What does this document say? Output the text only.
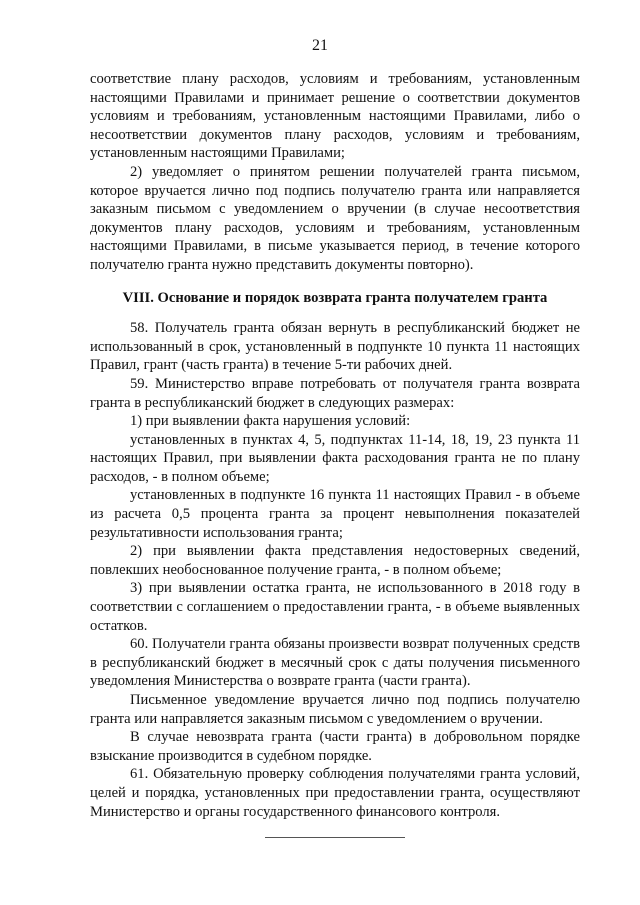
21

соответствие плану расходов, условиям и требованиям, установленным настоящими Правилами и принимает решение о соответствии документов условиям и требованиям, установленным настоящими Правилами, либо о несоответствии документов плану расходов, условиям и требованиям, установленным настоящими Правилами;

2) уведомляет о принятом решении получателей гранта письмом, которое вручается лично под подпись получателю гранта или направляется заказным письмом с уведомлением о вручении (в случае несоответствия документов плану расходов, условиям и требованиям, установленным настоящими Правилами, в письме указывается период, в течение которого получателю гранта нужно представить документы повторно).

VIII. Основание и порядок возврата гранта получателем гранта

58. Получатель гранта обязан вернуть в республиканский бюджет не использованный в срок, установленный в подпункте 10 пункта 11 настоящих Правил, грант (часть гранта) в течение 5-ти рабочих дней.

59. Министерство вправе потребовать от получателя гранта возврата гранта в республиканский бюджет в следующих размерах:

1) при выявлении факта нарушения условий:

установленных в пунктах 4, 5, подпунктах 11-14, 18, 19, 23 пункта 11 настоящих Правил, при выявлении факта расходования гранта не по плану расходов, - в полном объеме;

установленных в подпункте 16 пункта 11 настоящих Правил - в объеме из расчета 0,5 процента гранта за процент невыполнения показателей результативности использования гранта;

2) при выявлении факта представления недостоверных сведений, повлекших необоснованное получение гранта, - в полном объеме;

3) при выявлении остатка гранта, не использованного в 2018 году в соответствии с соглашением о предоставлении гранта, - в объеме выявленных остатков.

60. Получатели гранта обязаны произвести возврат полученных средств в республиканский бюджет в месячный срок с даты получения письменного уведомления Министерства о возврате гранта (части гранта).

Письменное уведомление вручается лично под подпись получателю гранта или направляется заказным письмом с уведомлением о вручении.

В случае невозврата гранта (части гранта) в добровольном порядке взыскание производится в судебном порядке.

61. Обязательную проверку соблюдения получателями гранта условий, целей и порядка, установленных при предоставлении гранта, осуществляют Министерство и органы государственного финансового контроля.
